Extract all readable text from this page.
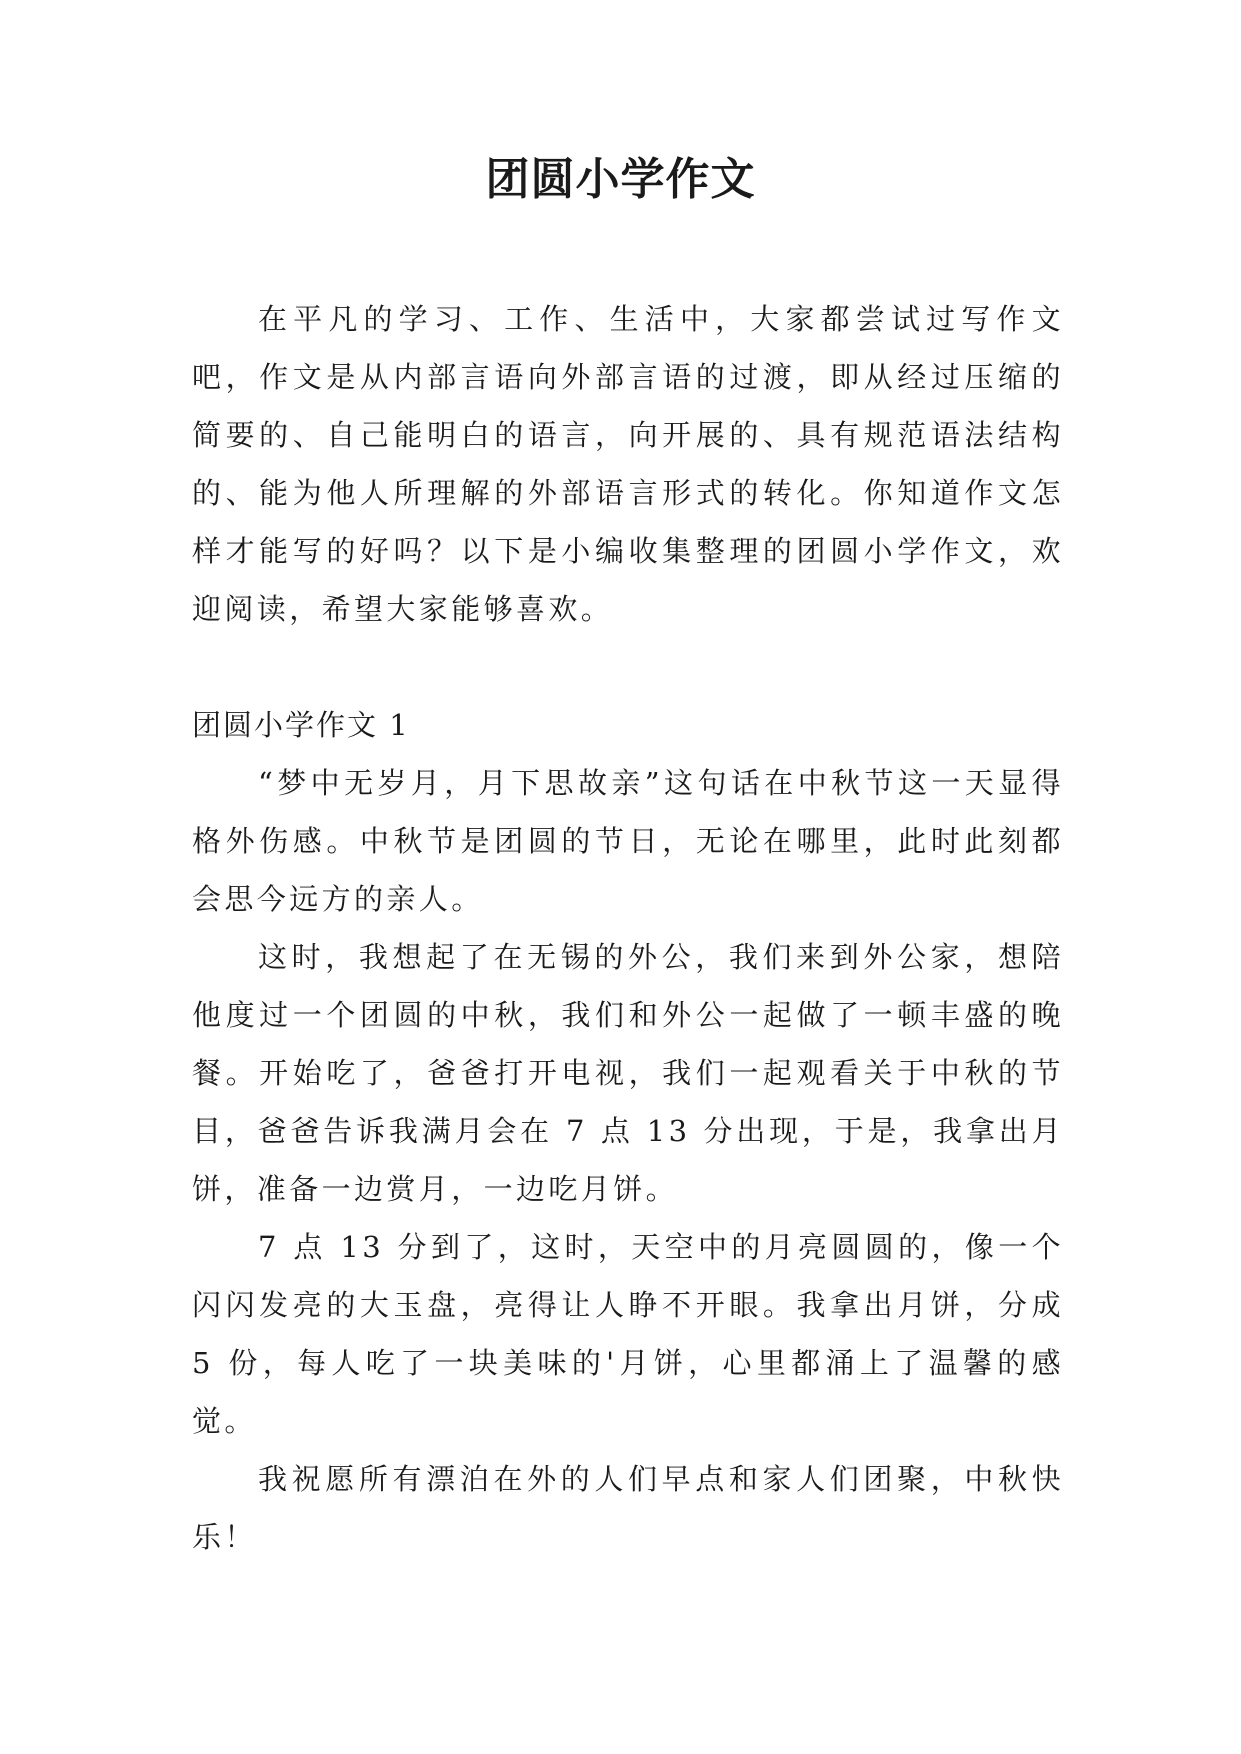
团圆小学作文

在平凡的学习、工作、生活中，大家都尝试过写作文吧，作文是从内部言语向外部言语的过渡，即从经过压缩的简要的、自己能明白的语言，向开展的、具有规范语法结构的、能为他人所理解的外部语言形式的转化。你知道作文怎样才能写的好吗？以下是小编收集整理的团圆小学作文，欢迎阅读，希望大家能够喜欢。

团圆小学作文 1

“梦中无岁月，月下思故亲”这句话在中秋节这一天显得格外伤感。中秋节是团圆的节日，无论在哪里，此时此刻都会思今远方的亲人。

这时，我想起了在无锡的外公，我们来到外公家，想陪他度过一个团圆的中秋，我们和外公一起做了一顿丰盛的晚餐。开始吃了，爸爸打开电视，我们一起观看关于中秋的节目，爸爸告诉我满月会在 7 点 13 分出现，于是，我拿出月饼，准备一边赏月，一边吃月饼。

7 点 13 分到了，这时，天空中的月亮圆圆的，像一个闪闪发亮的大玉盘，亮得让人睁不开眼。我拿出月饼，分成 5 份，每人吃了一块美味的'月饼，心里都涌上了温馨的感觉。

我祝愿所有漂泊在外的人们早点和家人们团聚，中秋快乐！
